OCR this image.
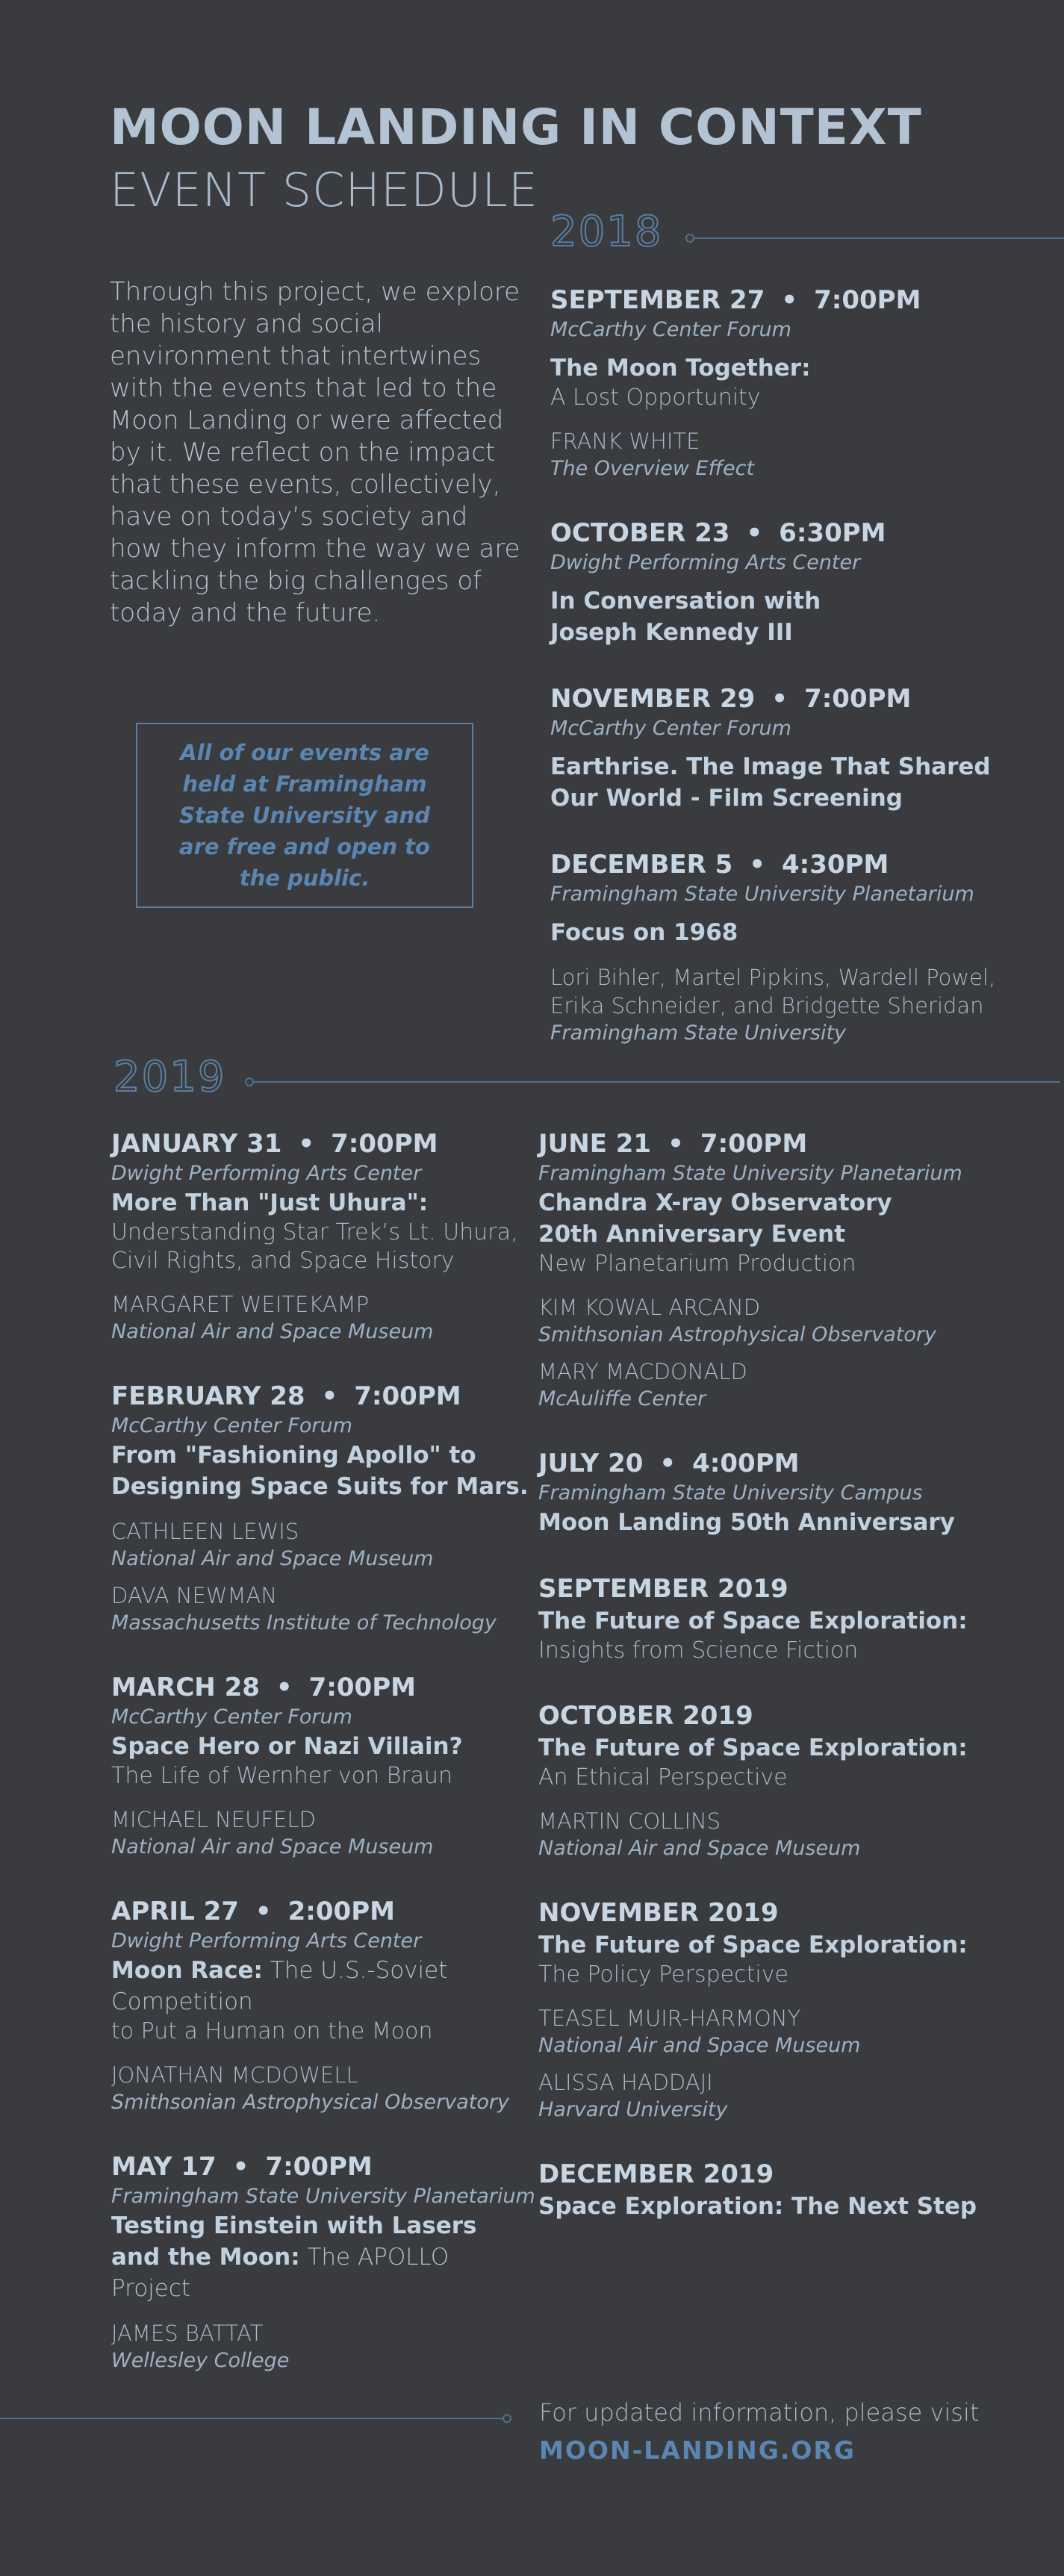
MOON LANDING IN CONTEXT
EVENT SCHEDULE
2018
Through this project, we explore the history and social environment that intertwines with the events that led to the Moon Landing or were affected by it. We reflect on the impact that these events, collectively, have on today’s society and how they inform the way we are tackling the big challenges of today and the future.
All of our events are held at Framingham State University and are free and open to the public.
SEPTEMBER 27 • 7:00PM
McCarthy Center Forum
The Moon Together:
A Lost Opportunity
FRANK WHITE
The Overview Effect
OCTOBER 23 • 6:30PM
Dwight Performing Arts Center
In Conversation with
Joseph Kennedy III
NOVEMBER 29 • 7:00PM
McCarthy Center Forum
Earthrise. The Image That Shared
Our World - Film Screening
DECEMBER 5 • 4:30PM
Framingham State University Planetarium
Focus on 1968
Lori Bihler, Martel Pipkins, Wardell Powel,
Erika Schneider, and Bridgette Sheridan
Framingham State University
2019
JANUARY 31 • 7:00PM
Dwight Performing Arts Center
More Than "Just Uhura":
Understanding Star Trek’s Lt. Uhura,
Civil Rights, and Space History
MARGARET WEITEKAMP
National Air and Space Museum
FEBRUARY 28 • 7:00PM
McCarthy Center Forum
From "Fashioning Apollo" to
Designing Space Suits for Mars.
CATHLEEN LEWIS
National Air and Space Museum
DAVA NEWMAN
Massachusetts Institute of Technology
MARCH 28 • 7:00PM
McCarthy Center Forum
Space Hero or Nazi Villain?
The Life of Wernher von Braun
MICHAEL NEUFELD
National Air and Space Museum
APRIL 27 • 2:00PM
Dwight Performing Arts Center
Moon Race: The U.S.-Soviet Competition
to Put a Human on the Moon
JONATHAN MCDOWELL
Smithsonian Astrophysical Observatory
MAY 17 • 7:00PM
Framingham State University Planetarium
Testing Einstein with Lasers
and the Moon: The APOLLO Project
JAMES BATTAT
Wellesley College
JUNE 21 • 7:00PM
Framingham State University Planetarium
Chandra X-ray Observatory
20th Anniversary Event
New Planetarium Production
KIM KOWAL ARCAND
Smithsonian Astrophysical Observatory
MARY MACDONALD
McAuliffe Center
JULY 20 • 4:00PM
Framingham State University Campus
Moon Landing 50th Anniversary
SEPTEMBER 2019
The Future of Space Exploration:
Insights from Science Fiction
OCTOBER 2019
The Future of Space Exploration:
An Ethical Perspective
MARTIN COLLINS
National Air and Space Museum
NOVEMBER 2019
The Future of Space Exploration:
The Policy Perspective
TEASEL MUIR-HARMONY
National Air and Space Museum
ALISSA HADDAJI
Harvard University
DECEMBER 2019
Space Exploration: The Next Step
For updated information, please visit
MOON-LANDING.ORG
